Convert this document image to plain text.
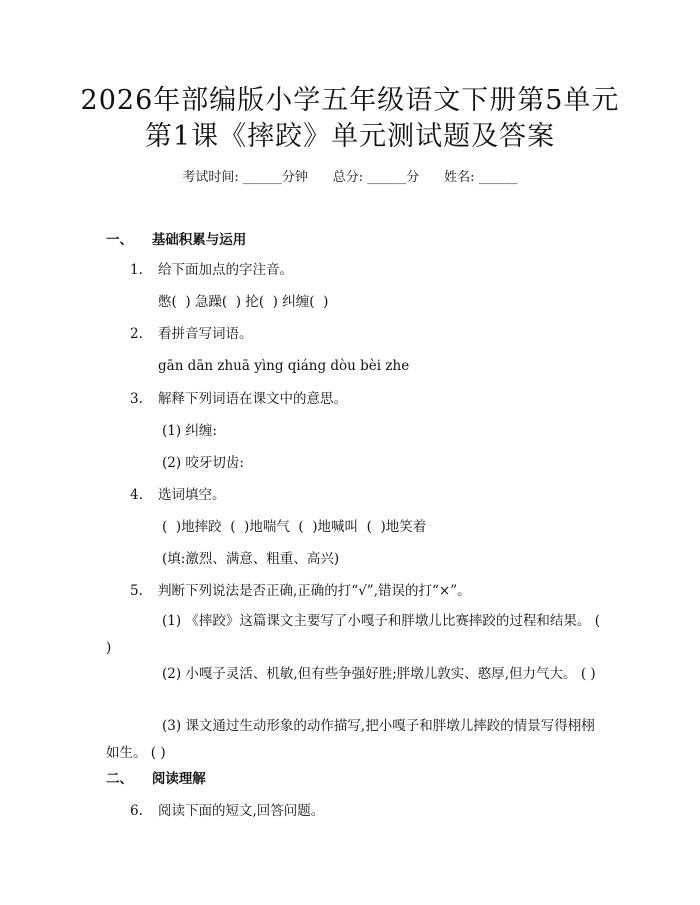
2026年部编版小学五年级语文下册第5单元
第1课《摔跤》单元测试题及答案
考试时间: ______分钟 总分: ______分 姓名: ______
一、 基础积累与运用
1. 给下面加点的字注音。
憋(  ) 急躁(  ) 抡(  ) 纠缠(  )
2. 看拼音写词语。
gān dān zhuā yìng qiáng dòu bèi zhe
3. 解释下列词语在课文中的意思。
(1) 纠缠:
(2) 咬牙切齿:
4. 选词填空。
(  )地摔跤  (  )地喘气  (  )地喊叫  (  )地笑着
(填:激烈、满意、粗重、高兴)
5. 判断下列说法是否正确,正确的打“√”,错误的打“×”。
(1) 《摔跤》这篇课文主要写了小嘎子和胖墩儿比赛摔跤的过程和结果。 ( )
(2) 小嘎子灵活、机敏,但有些争强好胜;胖墩儿敦实、憨厚,但力气大。 ( )
(3) 课文通过生动形象的动作描写,把小嘎子和胖墩儿摔跤的情景写得栩栩如生。 ( )
二、 阅读理解
6. 阅读下面的短文,回答问题。
